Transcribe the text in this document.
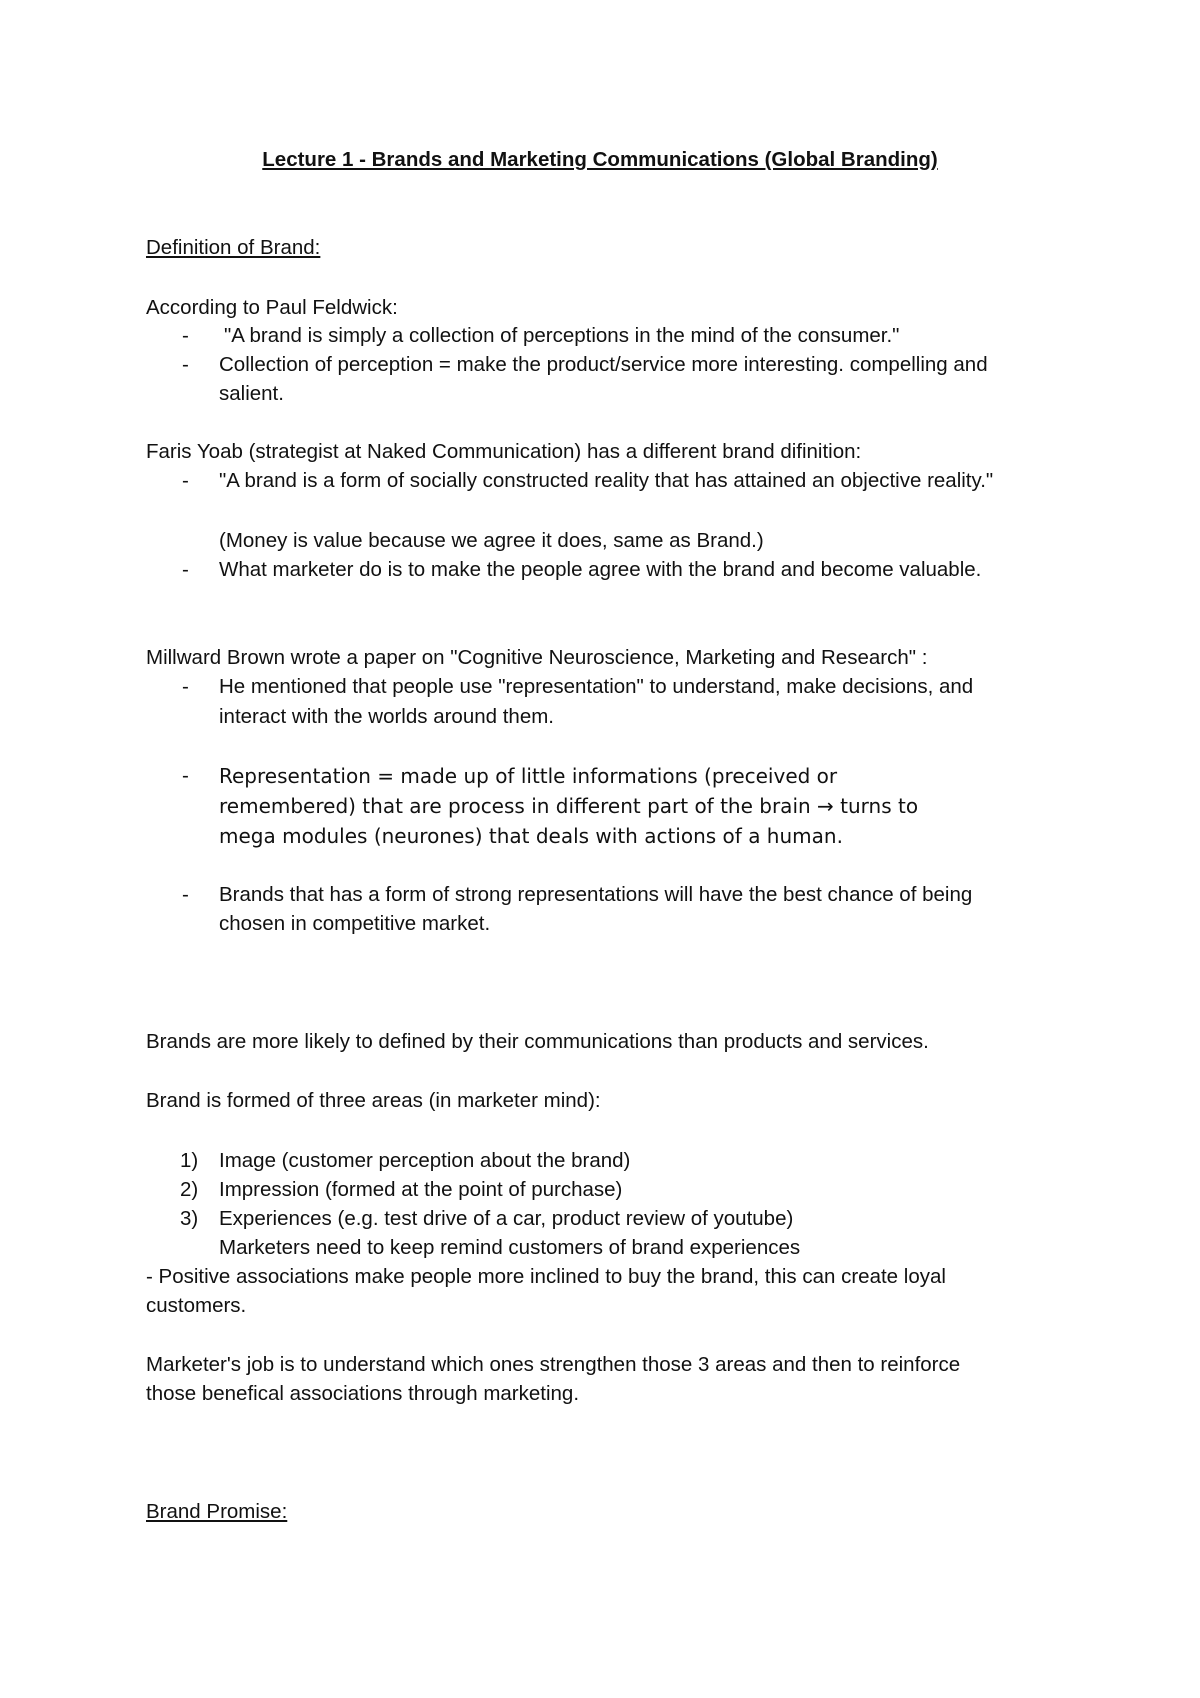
Lecture 1 - Brands and Marketing Communications (Global Branding)
Definition of Brand:
According to Paul Feldwick:
- "A brand is simply a collection of perceptions in the mind of the consumer."
- Collection of perception = make the product/service more interesting. compelling and
salient.
Faris Yoab (strategist at Naked Communication) has a different brand difinition:
- "A brand is a form of socially constructed reality that has attained an objective reality."
(Money is value because we agree it does, same as Brand.)
- What marketer do is to make the people agree with the brand and become valuable.
Millward Brown wrote a paper on "Cognitive Neuroscience, Marketing and Research" :
- He mentioned that people use "representation" to understand, make decisions, and
interact with the worlds around them.
- Representation = made up of little informations (preceived or
remembered) that are process in different part of the brain → turns to
mega modules (neurones) that deals with actions of a human.
- Brands that has a form of strong representations will have the best chance of being
chosen in competitive market.
Brands are more likely to defined by their communications than products and services.
Brand is formed of three areas (in marketer mind):
1) Image (customer perception about the brand)
2) Impression (formed at the point of purchase)
3) Experiences (e.g. test drive of a car, product review of youtube)
Marketers need to keep remind customers of brand experiences
- Positive associations make people more inclined to buy the brand, this can create loyal
customers.
Marketer's job is to understand which ones strengthen those 3 areas and then to reinforce
those benefical associations through marketing.
Brand Promise:
